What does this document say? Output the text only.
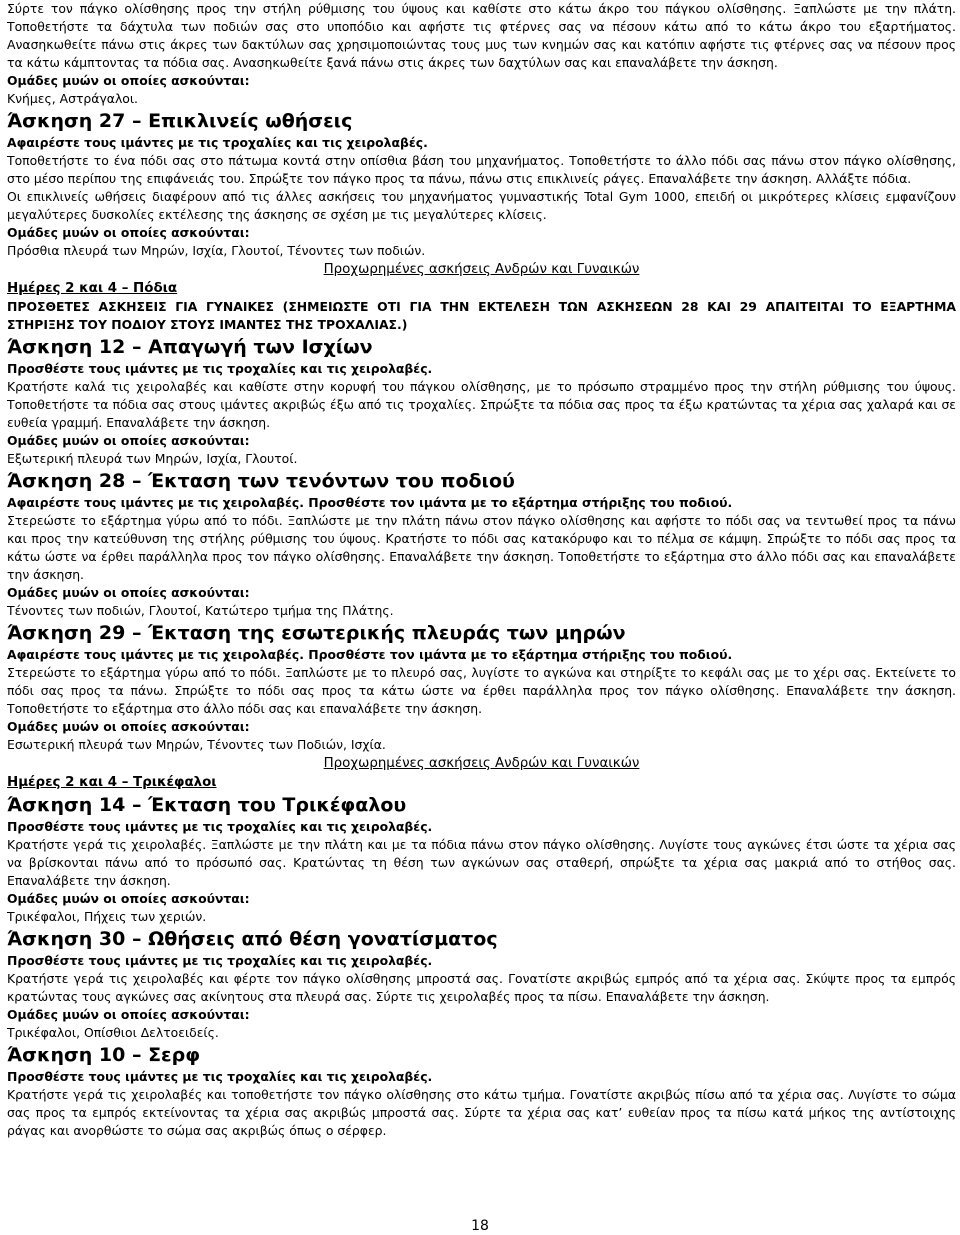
Σύρτε τον πάγκο ολίσθησης προς την στήλη ρύθμισης του ύψους και καθίστε στο κάτω άκρο του πάγκου ολίσθησης. Ξαπλώστε με την πλάτη. Τοποθετήστε τα δάχτυλα των ποδιών σας στο υποπόδιο και αφήστε τις φτέρνες σας να πέσουν κάτω από το κάτω άκρο του εξαρτήματος. Ανασηκωθείτε πάνω στις άκρες των δακτύλων σας χρησιμοποιώντας τους μυς των κνημών σας και κατόπιν αφήστε τις φτέρνες σας να πέσουν προς τα κάτω κάμπτοντας τα πόδια σας. Ανασηκωθείτε ξανά πάνω στις άκρες των δαχτύλων σας και επαναλάβετε την άσκηση.

Ομάδες μυών οι οποίες ασκούνται:

Κνήμες, Αστράγαλοι.

Άσκηση 27 – Επικλινείς ωθήσεις

Αφαιρέστε τους ιμάντες με τις τροχαλίες και τις χειρολαβές.

Τοποθετήστε το ένα πόδι σας στο πάτωμα κοντά στην οπίσθια βάση του μηχανήματος. Τοποθετήστε το άλλο πόδι σας πάνω στον πάγκο ολίσθησης, στο μέσο περίπου της επιφάνειάς του. Σπρώξτε τον πάγκο προς τα πάνω, πάνω στις επικλινείς ράγες. Επαναλάβετε την άσκηση. Αλλάξτε πόδια.

Οι επικλινείς ωθήσεις διαφέρουν από τις άλλες ασκήσεις του μηχανήματος γυμναστικής Total Gym 1000, επειδή οι μικρότερες κλίσεις εμφανίζουν μεγαλύτερες δυσκολίες εκτέλεσης της άσκησης σε σχέση με τις μεγαλύτερες κλίσεις.

Ομάδες μυών οι οποίες ασκούνται:

Πρόσθια πλευρά των Μηρών, Ισχία, Γλουτοί, Τένοντες των ποδιών.

Προχωρημένες ασκήσεις Ανδρών και Γυναικών

Ημέρες 2 και 4 – Πόδια

ΠΡΟΣΘΕΤΕΣ ΑΣΚΗΣΕΙΣ ΓΙΑ ΓΥΝΑΙΚΕΣ (ΣΗΜΕΙΩΣΤΕ ΟΤΙ ΓΙΑ ΤΗΝ ΕΚΤΕΛΕΣΗ ΤΩΝ ΑΣΚΗΣΕΩΝ 28 ΚΑΙ 29 ΑΠΑΙΤΕΙΤΑΙ ΤΟ ΕΞΑΡΤΗΜΑ ΣΤΗΡΙΞΗΣ ΤΟΥ ΠΟΔΙΟΥ ΣΤΟΥΣ ΙΜΑΝΤΕΣ ΤΗΣ ΤΡΟΧΑΛΙΑΣ.)

Άσκηση 12 – Απαγωγή των Ισχίων

Προσθέστε τους ιμάντες με τις τροχαλίες και τις χειρολαβές.

Κρατήστε καλά τις χειρολαβές και καθίστε στην κορυφή του πάγκου ολίσθησης, με το πρόσωπο στραμμένο προς την στήλη ρύθμισης του ύψους. Τοποθετήστε τα πόδια σας στους ιμάντες ακριβώς έξω από τις τροχαλίες. Σπρώξτε τα πόδια σας προς τα έξω κρατώντας τα χέρια σας χαλαρά και σε ευθεία γραμμή. Επαναλάβετε την άσκηση.

Ομάδες μυών οι οποίες ασκούνται:

Εξωτερική πλευρά των Μηρών, Ισχία, Γλουτοί.

Άσκηση 28 – Έκταση των τενόντων του ποδιού

Αφαιρέστε τους ιμάντες με τις χειρολαβές. Προσθέστε τον ιμάντα με το εξάρτημα στήριξης του ποδιού.

Στερεώστε το εξάρτημα γύρω από το πόδι. Ξαπλώστε με την πλάτη πάνω στον πάγκο ολίσθησης και αφήστε το πόδι σας να τεντωθεί προς τα πάνω και προς την κατεύθυνση της στήλης ρύθμισης του ύψους. Κρατήστε το πόδι σας κατακόρυφο και το πέλμα σε κάμψη. Σπρώξτε το πόδι σας προς τα κάτω ώστε να έρθει παράλληλα προς τον πάγκο ολίσθησης. Επαναλάβετε την άσκηση. Τοποθετήστε το εξάρτημα στο άλλο πόδι σας και επαναλάβετε την άσκηση.

Ομάδες μυών οι οποίες ασκούνται:

Τένοντες των ποδιών, Γλουτοί, Κατώτερο τμήμα της Πλάτης.

Άσκηση 29 – Έκταση της εσωτερικής πλευράς των μηρών

Αφαιρέστε τους ιμάντες με τις χειρολαβές. Προσθέστε τον ιμάντα με το εξάρτημα στήριξης του ποδιού.

Στερεώστε το εξάρτημα γύρω από το πόδι. Ξαπλώστε με το πλευρό σας, λυγίστε το αγκώνα και στηρίξτε το κεφάλι σας με το χέρι σας. Εκτείνετε το πόδι σας προς τα πάνω. Σπρώξτε το πόδι σας προς τα κάτω ώστε να έρθει παράλληλα προς τον πάγκο ολίσθησης. Επαναλάβετε την άσκηση. Τοποθετήστε το εξάρτημα στο άλλο πόδι σας και επαναλάβετε την άσκηση.

Ομάδες μυών οι οποίες ασκούνται:

Εσωτερική πλευρά των Μηρών, Τένοντες των Ποδιών, Ισχία.

Προχωρημένες ασκήσεις Ανδρών και Γυναικών

Ημέρες 2 και 4 – Τρικέφαλοι

Άσκηση 14 – Έκταση του Τρικέφαλου

Προσθέστε τους ιμάντες με τις τροχαλίες και τις χειρολαβές.

Κρατήστε γερά τις χειρολαβές. Ξαπλώστε με την πλάτη και με τα πόδια πάνω στον πάγκο ολίσθησης. Λυγίστε τους αγκώνες έτσι ώστε τα χέρια σας να βρίσκονται πάνω από το πρόσωπό σας. Κρατώντας τη θέση των αγκώνων σας σταθερή, σπρώξτε τα χέρια σας μακριά από το στήθος σας. Επαναλάβετε την άσκηση.

Ομάδες μυών οι οποίες ασκούνται:

Τρικέφαλοι, Πήχεις των χεριών.

Άσκηση 30 – Ωθήσεις από θέση γονατίσματος

Προσθέστε τους ιμάντες με τις τροχαλίες και τις χειρολαβές.

Κρατήστε γερά τις χειρολαβές και φέρτε τον πάγκο ολίσθησης μπροστά σας. Γονατίστε ακριβώς εμπρός από τα χέρια σας. Σκύψτε προς τα εμπρός κρατώντας τους αγκώνες σας ακίνητους στα πλευρά σας. Σύρτε τις χειρολαβές προς τα πίσω. Επαναλάβετε την άσκηση.

Ομάδες μυών οι οποίες ασκούνται:

Τρικέφαλοι, Οπίσθιοι Δελτοειδείς.

Άσκηση 10 – Σερφ

Προσθέστε τους ιμάντες με τις τροχαλίες και τις χειρολαβές.

Κρατήστε γερά τις χειρολαβές και τοποθετήστε τον πάγκο ολίσθησης στο κάτω τμήμα. Γονατίστε ακριβώς πίσω από τα χέρια σας. Λυγίστε το σώμα σας προς τα εμπρός εκτείνοντας τα χέρια σας ακριβώς μπροστά σας. Σύρτε τα χέρια σας κατ’ ευθείαν προς τα πίσω κατά μήκος της αντίστοιχης ράγας και ανορθώστε το σώμα σας ακριβώς όπως ο σέρφερ.

18
